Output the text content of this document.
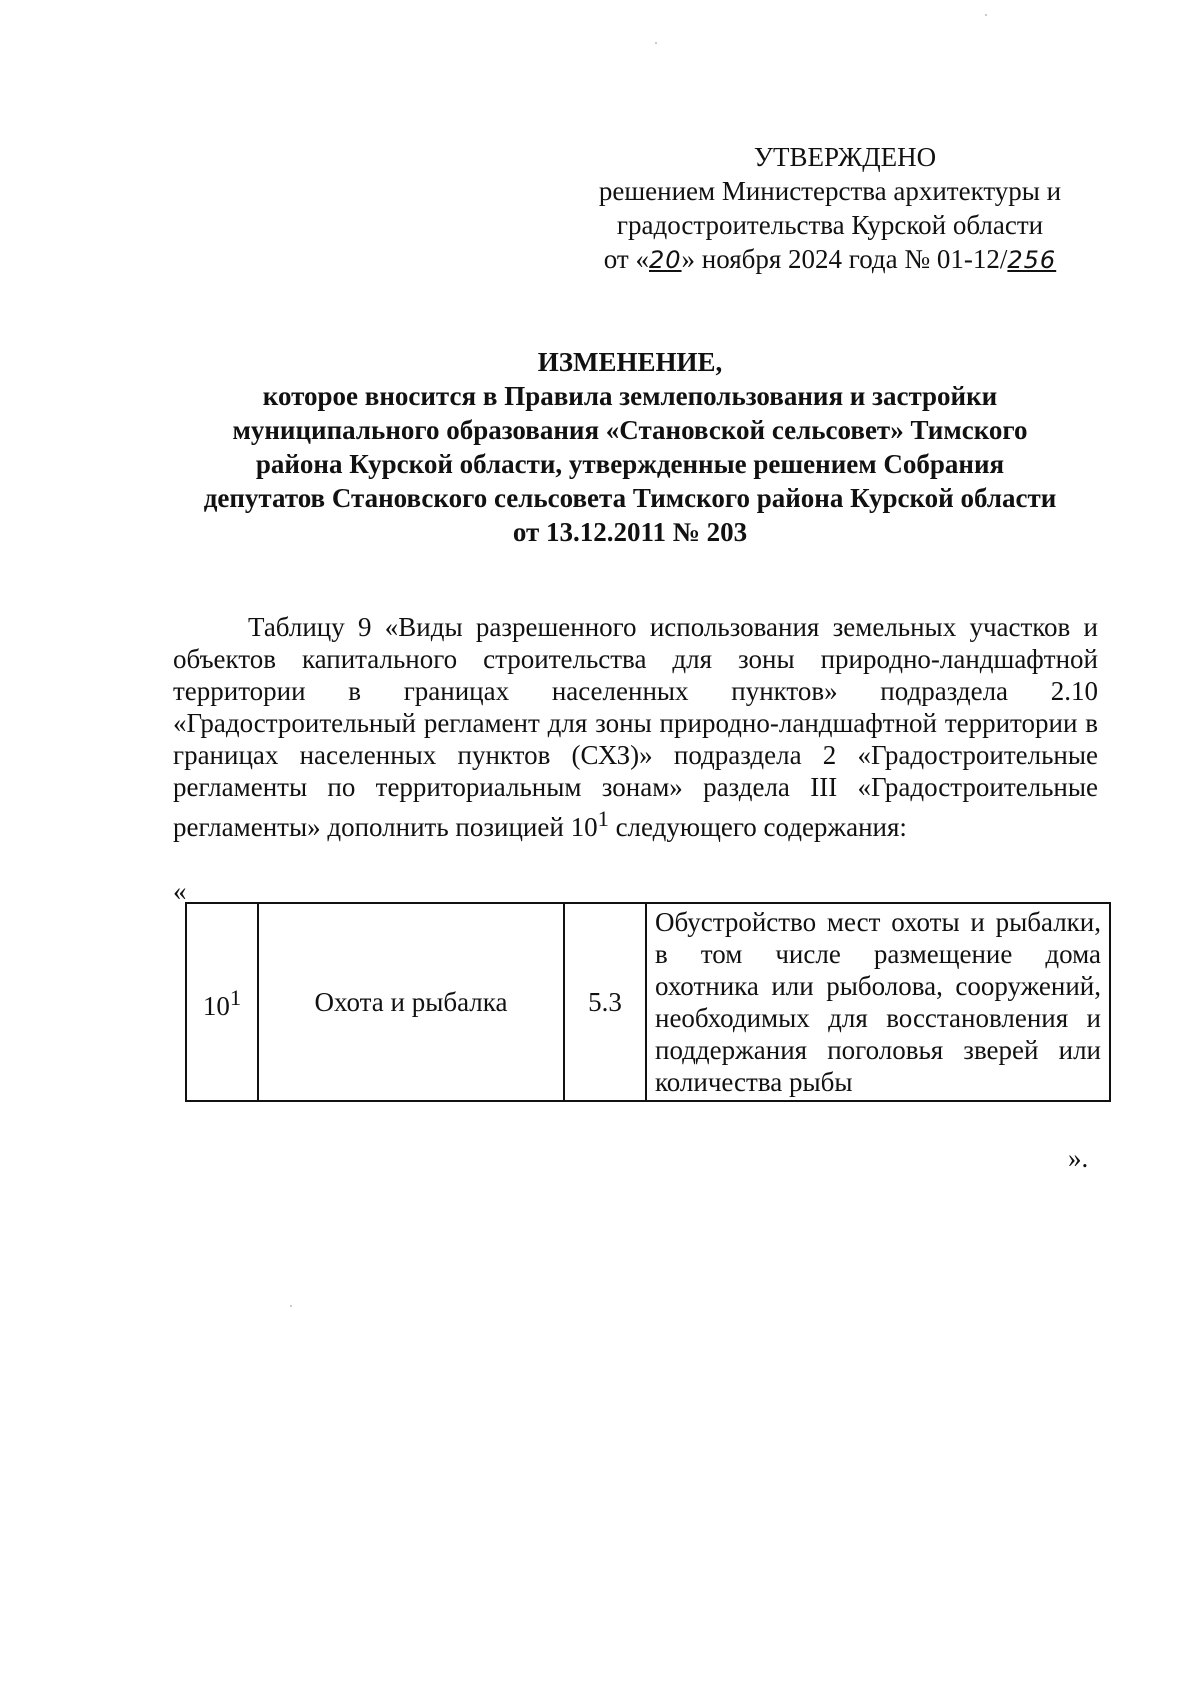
УТВЕРЖДЕНО
решением Министерства архитектуры и
градостроительства Курской области
от «20» ноября 2024 года № 01-12/256
ИЗМЕНЕНИЕ,
которое вносится в Правила землепользования и застройки
муниципального образования «Становской сельсовет» Тимского
района Курской области, утвержденные решением Собрания
депутатов Становского сельсовета Тимского района Курской области
от 13.12.2011 № 203

Таблицу 9 «Виды разрешенного использования земельных участков и объектов капитального строительства для зоны природно-ландшафтной территории в границах населенных пунктов» подраздела 2.10 «Градостроительный регламент для зоны природно-ландшафтной территории в границах населенных пунктов (СХЗ)» подраздела 2 «Градостроительные регламенты по территориальным зонам» раздела III «Градостроительные регламенты» дополнить позицией $10^1$ следующего содержания:

«
$10^1$	Охота и рыбалка	5.3	Обустройство мест охоты и рыбалки, в том числе размещение дома охотника или рыболова, сооружений, необходимых для восстановления и поддержания поголовья зверей или количества рыбы
».
